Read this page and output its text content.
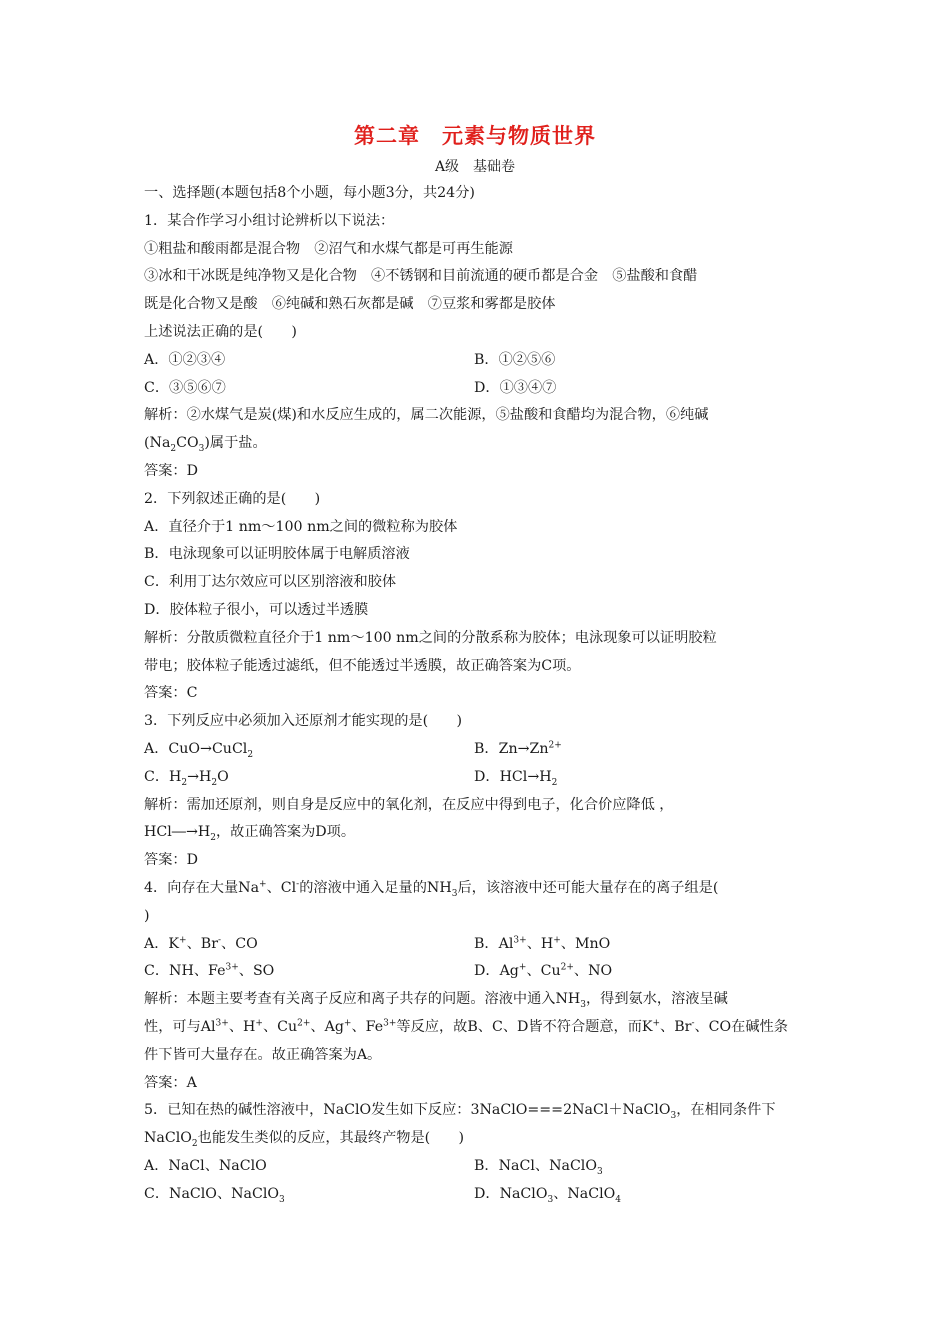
第二章　元素与物质世界
A级　基础卷
一、选择题(本题包括8个小题，每小题3分，共24分)
1．某合作学习小组讨论辨析以下说法：
①粗盐和酸雨都是混合物　②沼气和水煤气都是可再生能源
③冰和干冰既是纯净物又是化合物　④不锈钢和目前流通的硬币都是合金　⑤盐酸和食醋
既是化合物又是酸　⑥纯碱和熟石灰都是碱　⑦豆浆和雾都是胶体
上述说法正确的是(　　)
A．①②③④	B．①②⑤⑥
C．③⑤⑥⑦	D．①③④⑦
解析：②水煤气是炭(煤)和水反应生成的，属二次能源，⑤盐酸和食醋均为混合物，⑥纯碱
$(Na_2CO_3)$属于盐。
答案：D
2．下列叙述正确的是(　　)
A．直径介于1 nm～100 nm之间的微粒称为胶体
B．电泳现象可以证明胶体属于电解质溶液
C．利用丁达尔效应可以区别溶液和胶体
D．胶体粒子很小，可以透过半透膜
解析：分散质微粒直径介于1 nm～100 nm之间的分散系称为胶体；电泳现象可以证明胶粒
带电；胶体粒子能透过滤纸，但不能透过半透膜，故正确答案为C项。
答案：C
3．下列反应中必须加入还原剂才能实现的是(　　)
A．CuO→CuCl$_2$	B．$Zn\to Zn^{2+}$
C．$H_2\to H_2O$	D．$HCl\to H_2$
解析：需加还原剂，则自身是反应中的氧化剂，在反应中得到电子，化合价应降低 ，
$HCl―\to H_2$，故正确答案为D项。
答案：D
4．向存在大量Na+、Cl-的溶液中通入足量的$NH_3$后，该溶液中还可能大量存在的离子组是(
)
A．K+、Br-、CO	B．$Al^{3+}$、H+、MnO
C．NH、$Fe^{3+}$、SO	D．Ag+、$Cu^{2+}$、NO
解析：本题主要考查有关离子反应和离子共存的问题。溶液中通入$NH_3$，得到氨水，溶液呈碱
性，可与$Al^{3+}$、H+、$Cu^{2+}$、Ag+、$Fe^{3+}$等反应，故B、C、D皆不符合题意，而K+、Br-、CO在碱性条
件下皆可大量存在。故正确答案为A。
答案：A
5．已知在热的碱性溶液中，NaClO发生如下反应：3NaClO===2NaCl＋NaClO$_3$，在相同条件下
NaClO$_2$也能发生类似的反应，其最终产物是(　　)
A．NaCl、NaClO	B．NaCl、NaClO$_3$
C．NaClO、NaClO$_3$	D．NaClO$_3$、NaClO$_4$
